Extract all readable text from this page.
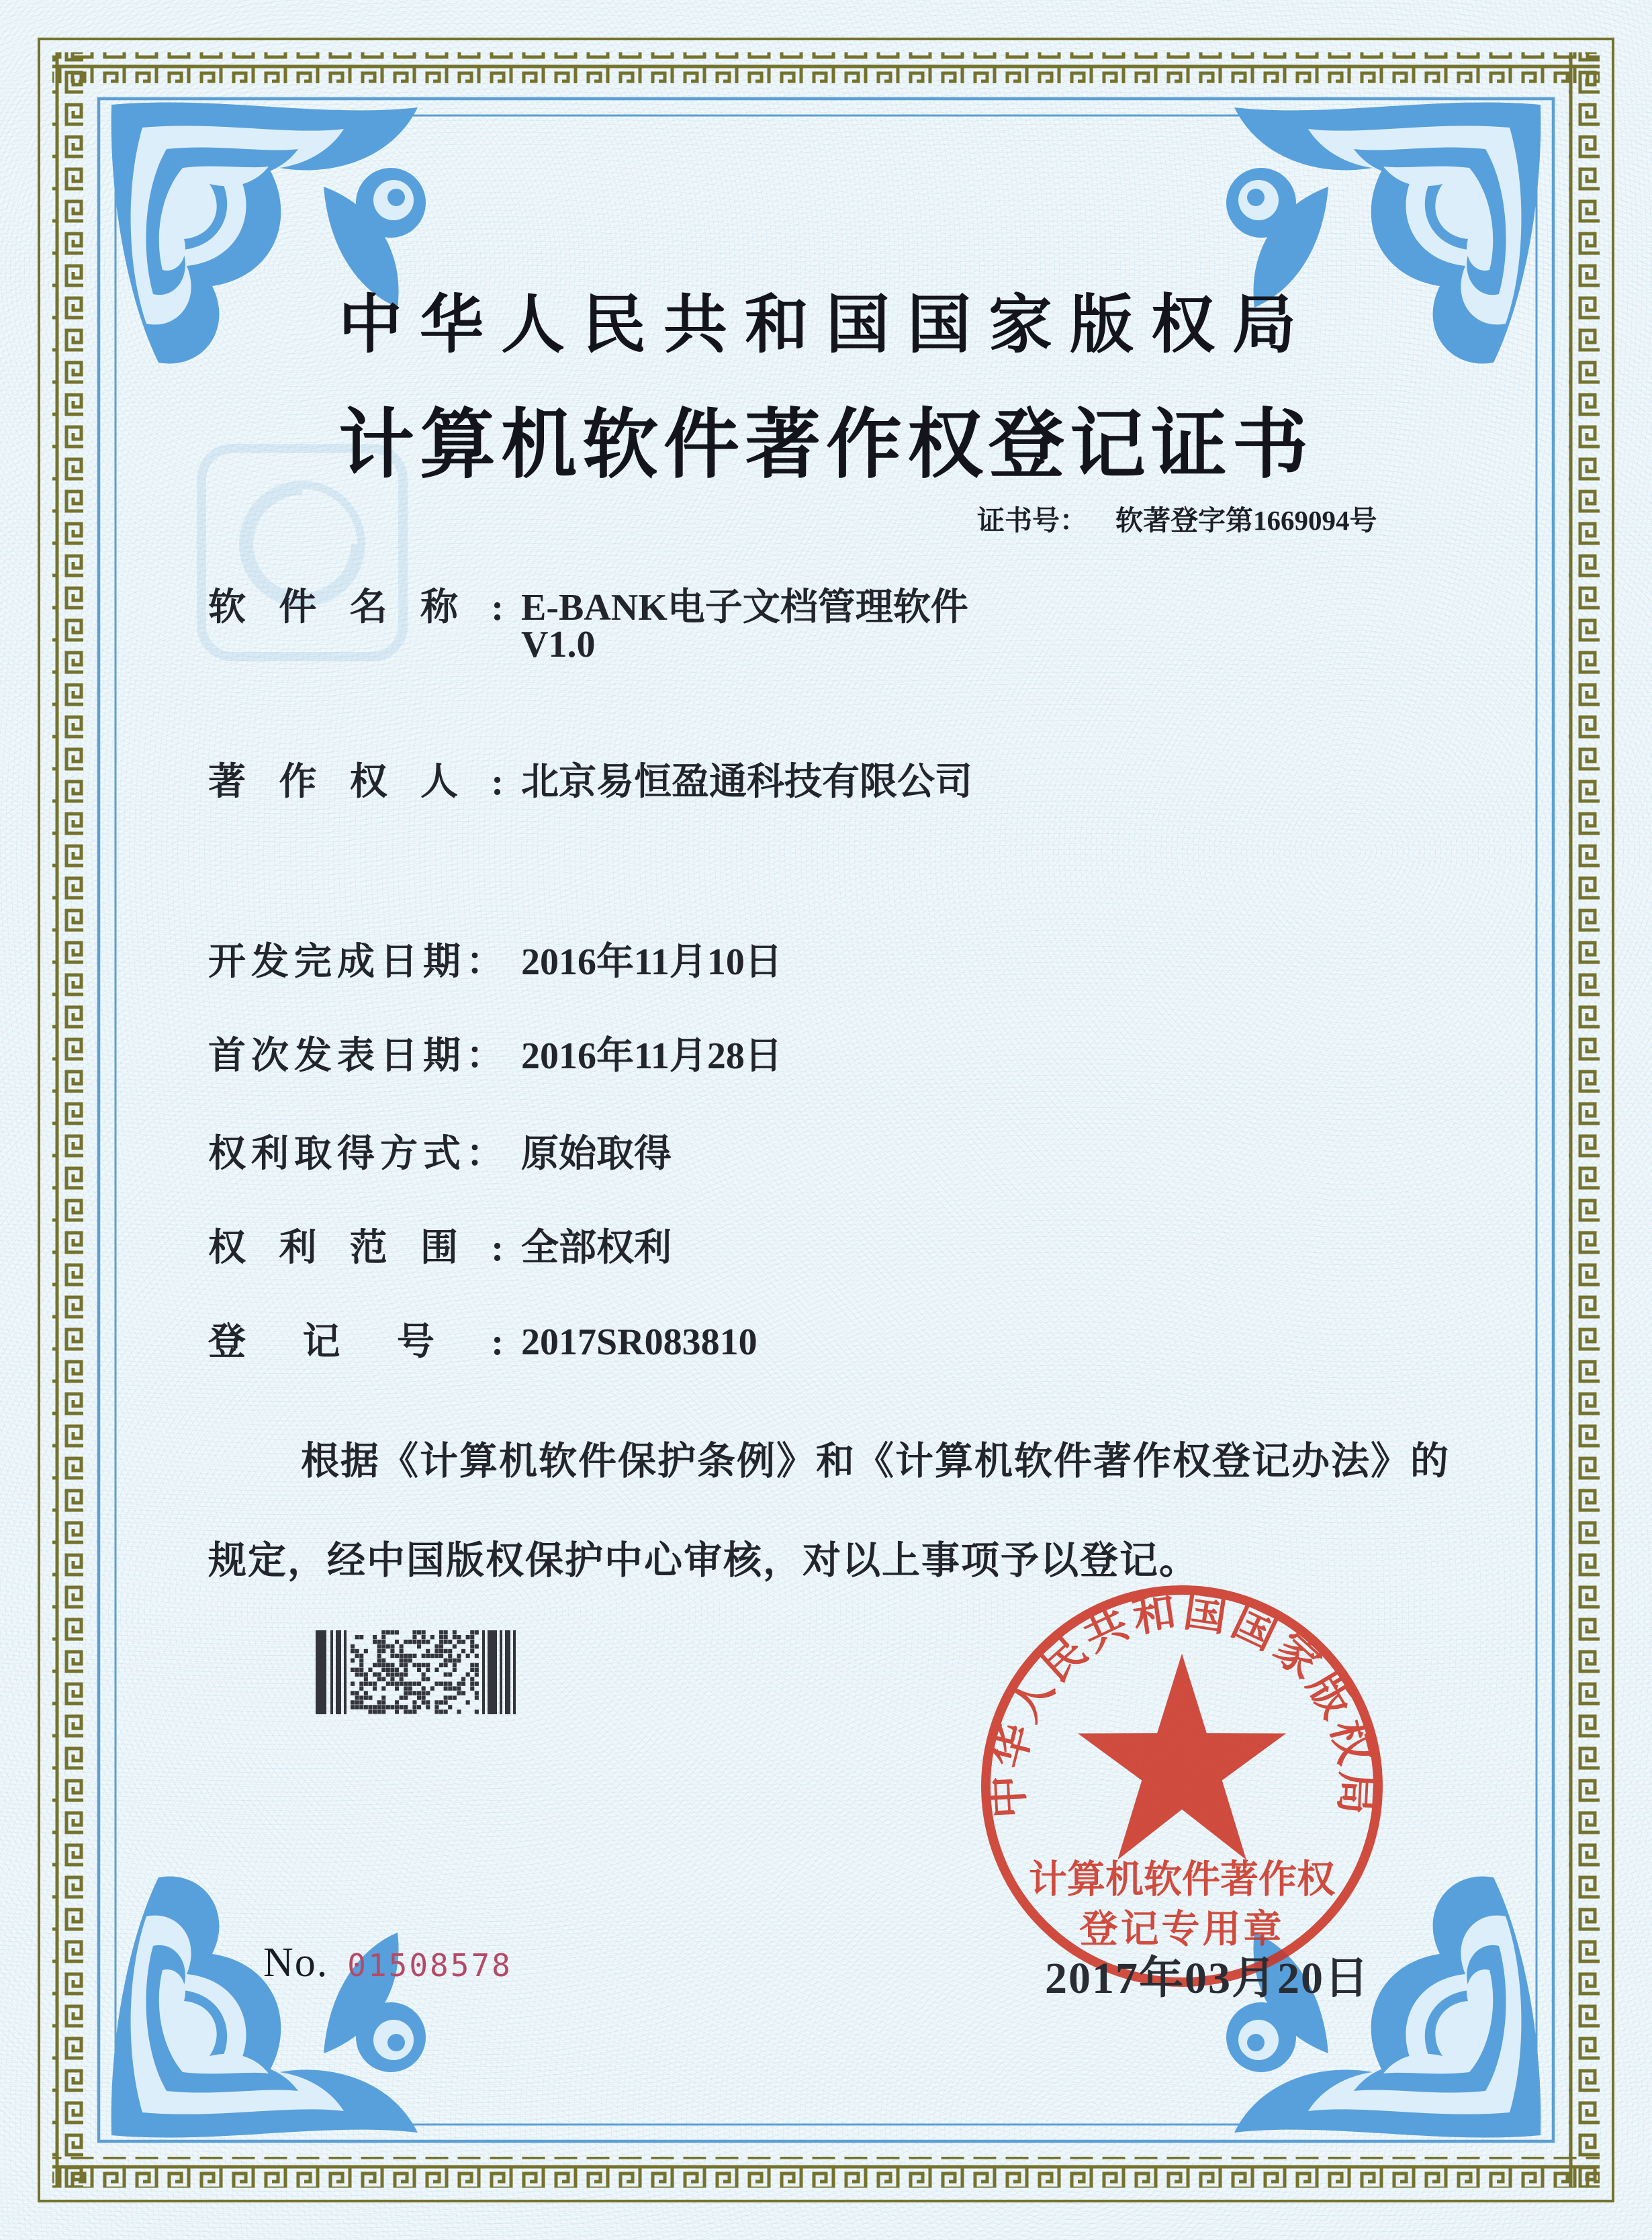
中华人民共和国国家版权局
计算机软件著作权登记证书
证书号： 软著登字第1669094号
软件名称: E-BANK电子文档管理软件
V1.0
著作权人: 北京易恒盈通科技有限公司
开发完成日期： 2016年11月10日
首次发表日期： 2016年11月28日
权利取得方式： 原始取得
权利范围: 全部权利
登记号: 2017SR083810
根据《计算机软件保护条例》和《计算机软件著作权登记办法》的
规定，经中国版权保护中心审核，对以上事项予以登记。
No. 01508578
中华人民共和国国家版权局
计算机软件著作权
登记专用章
2017年03月20日
